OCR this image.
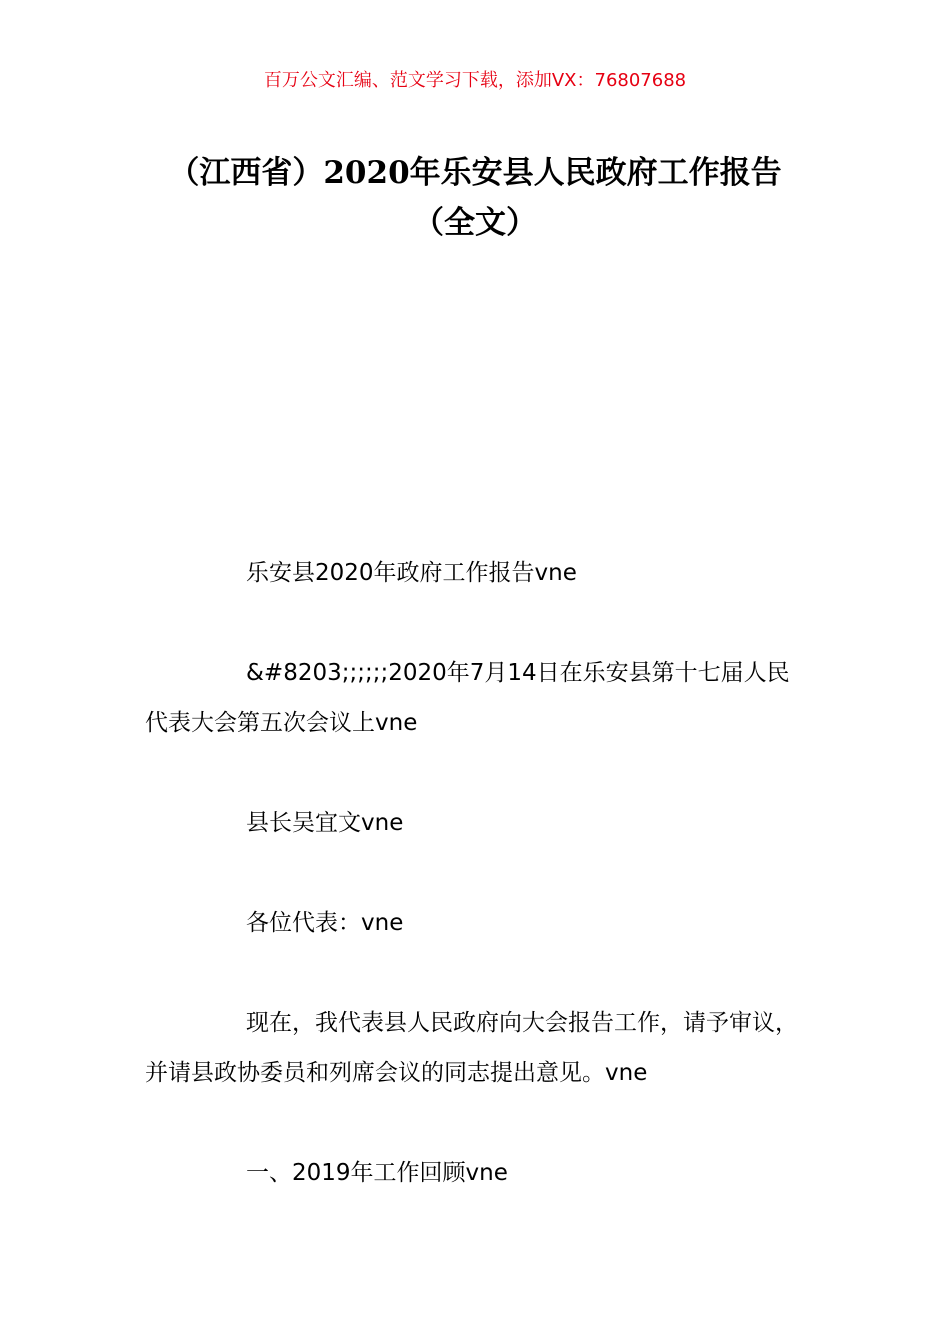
百万公文汇编、范文学习下载，添加VX：76807688
（江西省）2020年乐安县人民政府工作报告（全文）

乐安县2020年政府工作报告vne

&#8203;;;;;;2020年7月14日在乐安县第十七届人民代表大会第五次会议上vne

县长吴宜文vne

各位代表：vne

现在，我代表县人民政府向大会报告工作，请予审议，并请县政协委员和列席会议的同志提出意见。vne

一、2019年工作回顾vne
